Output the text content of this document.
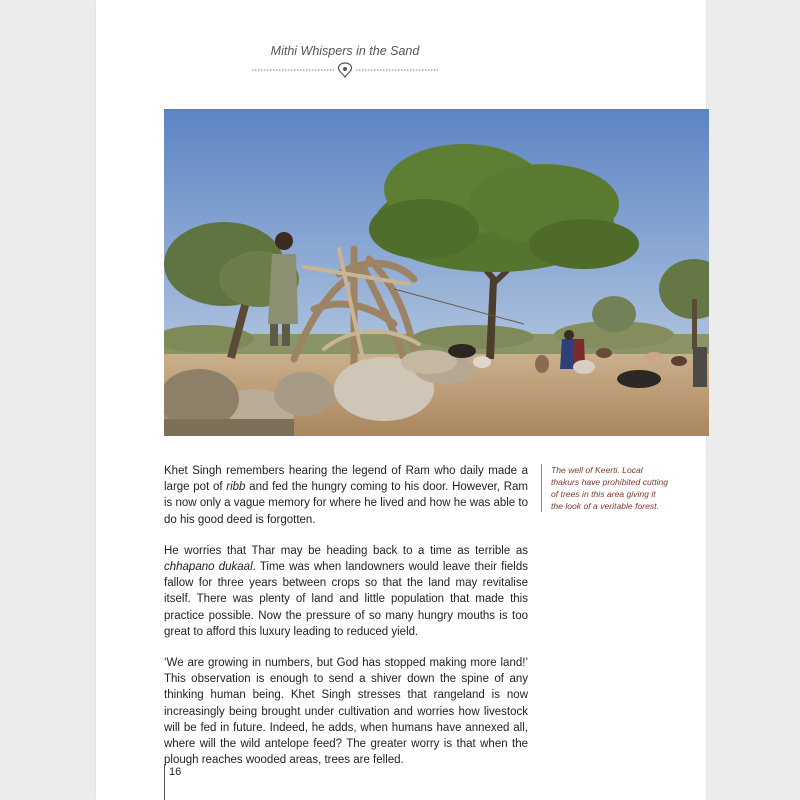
Mithi Whispers in the Sand

Khet Singh remembers hearing the legend of Ram who daily made a large pot of ribb and fed the hungry coming to his door. However, Ram is now only a vague memory for where he lived and how he was able to do his good deed is forgotten.

He worries that Thar may be heading back to a time as terrible as chhapano dukaal. Time was when landowners would leave their fields fallow for three years between crops so that the land may revitalise itself. There was plenty of land and little population that made this practice possible. Now the pressure of so many hungry mouths is too great to afford this luxury leading to reduced yield.

‘We are growing in numbers, but God has stopped making more land!’ This observation is enough to send a shiver down the spine of any thinking human being. Khet Singh stresses that rangeland is now increasingly being brought under cultivation and worries how livestock will be fed in future. Indeed, he adds, when humans have annexed all, where will the wild antelope feed? The greater worry is that when the plough reaches wooded areas, trees are felled.

The well of Keerti. Local thakurs have prohibited cutting of trees in this area giving it the look of a veritable forest.
16
